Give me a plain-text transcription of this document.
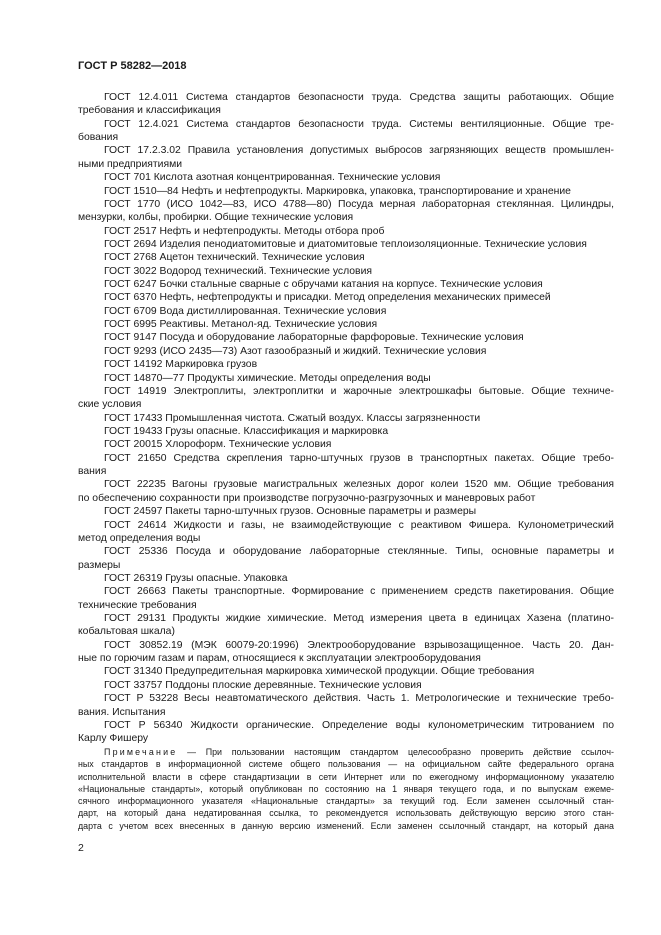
ГОСТ Р 58282—2018
ГОСТ 12.4.011 Система стандартов безопасности труда. Средства защиты работающих. Общие
требования и классификация
ГОСТ 12.4.021 Система стандартов безопасности труда. Системы вентиляционные. Общие тре-
бования
ГОСТ 17.2.3.02 Правила установления допустимых выбросов загрязняющих веществ промышлен-
ными предприятиями
ГОСТ 701 Кислота азотная концентрированная. Технические условия
ГОСТ 1510—84 Нефть и нефтепродукты. Маркировка, упаковка, транспортирование и хранение
ГОСТ 1770 (ИСО 1042—83, ИСО 4788—80) Посуда мерная лабораторная стеклянная. Цилиндры,
мензурки, колбы, пробирки. Общие технические условия
ГОСТ 2517 Нефть и нефтепродукты. Методы отбора проб
ГОСТ 2694 Изделия пенодиатомитовые и диатомитовые теплоизоляционные. Технические условия
ГОСТ 2768 Ацетон технический. Технические условия
ГОСТ 3022 Водород технический. Технические условия
ГОСТ 6247 Бочки стальные сварные с обручами катания на корпусе. Технические условия
ГОСТ 6370 Нефть, нефтепродукты и присадки. Метод определения механических примесей
ГОСТ 6709 Вода дистиллированная. Технические условия
ГОСТ 6995 Реактивы. Метанол-яд. Технические условия
ГОСТ 9147 Посуда и оборудование лабораторные фарфоровые. Технические условия
ГОСТ 9293 (ИСО 2435—73) Азот газообразный и жидкий. Технические условия
ГОСТ 14192 Маркировка грузов
ГОСТ 14870—77 Продукты химические. Методы определения воды
ГОСТ 14919 Электроплиты, электроплитки и жарочные электрошкафы бытовые. Общие техниче-
ские условия
ГОСТ 17433 Промышленная чистота. Сжатый воздух. Классы загрязненности
ГОСТ 19433 Грузы опасные. Классификация и маркировка
ГОСТ 20015 Хлороформ. Технические условия
ГОСТ 21650 Средства скрепления тарно-штучных грузов в транспортных пакетах. Общие требо-
вания
ГОСТ 22235 Вагоны грузовые магистральных железных дорог колеи 1520 мм. Общие требования
по обеспечению сохранности при производстве погрузочно-разгрузочных и маневровых работ
ГОСТ 24597 Пакеты тарно-штучных грузов. Основные параметры и размеры
ГОСТ 24614 Жидкости и газы, не взаимодействующие с реактивом Фишера. Кулонометрический
метод определения воды
ГОСТ 25336 Посуда и оборудование лабораторные стеклянные. Типы, основные параметры и
размеры
ГОСТ 26319 Грузы опасные. Упаковка
ГОСТ 26663 Пакеты транспортные. Формирование с применением средств пакетирования. Общие
технические требования
ГОСТ 29131 Продукты жидкие химические. Метод измерения цвета в единицах Хазена (платино-
кобальтовая шкала)
ГОСТ 30852.19 (МЭК 60079-20:1996) Электрооборудование взрывозащищенное. Часть 20. Дан-
ные по горючим газам и парам, относящиеся к эксплуатации электрооборудования
ГОСТ 31340 Предупредительная маркировка химической продукции. Общие требования
ГОСТ 33757 Поддоны плоские деревянные. Технические условия
ГОСТ Р 53228 Весы неавтоматического действия. Часть 1. Метрологические и технические требо-
вания. Испытания
ГОСТ Р 56340 Жидкости органические. Определение воды кулонометрическим титрованием по
Карлу Фишеру
Примечание — При пользовании настоящим стандартом целесообразно проверить действие ссылоч-
ных стандартов в информационной системе общего пользования — на официальном сайте федерального органа
исполнительной власти в сфере стандартизации в сети Интернет или по ежегодному информационному указателю
«Национальные стандарты», который опубликован по состоянию на 1 января текущего года, и по выпускам ежеме-
сячного информационного указателя «Национальные стандарты» за текущий год. Если заменен ссылочный стан-
дарт, на который дана недатированная ссылка, то рекомендуется использовать действующую версию этого стан-
дарта с учетом всех внесенных в данную версию изменений. Если заменен ссылочный стандарт, на который дана
2
